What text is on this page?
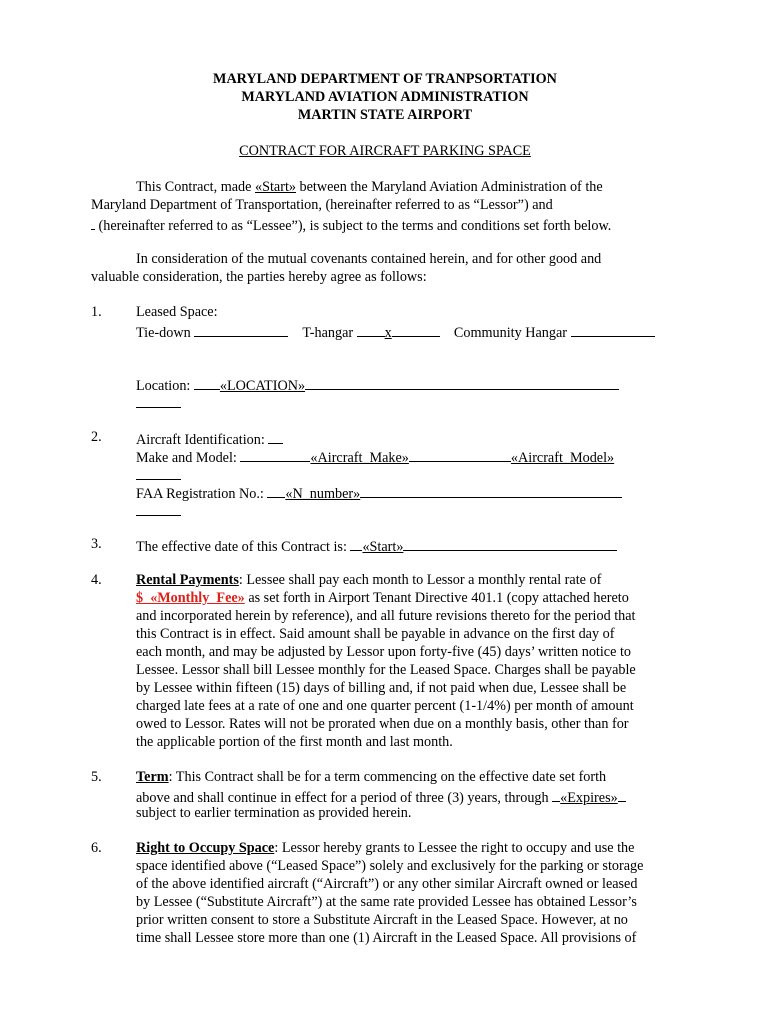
MARYLAND DEPARTMENT OF TRANPSORTATION
MARYLAND AVIATION ADMINISTRATION
MARTIN STATE AIRPORT
CONTRACT FOR AIRCRAFT PARKING SPACE
This Contract, made «Start» between the Maryland Aviation Administration of the
Maryland Department of Transportation, (hereinafter referred to as “Lessor”) and
(hereinafter referred to as “Lessee”), is subject to the terms and conditions set forth below.
In consideration of the mutual covenants contained herein, and for other good and
valuable consideration, the parties hereby agree as follows:
1. Leased Space:
Tie-down	T-hangar x	Community Hangar
Location: «LOCATION»
2. Aircraft Identification:
Make and Model:	«Aircraft_Make»	«Aircraft_Model»
FAA Registration No.: «N_number»
3. The effective date of this Contract is: «Start»
4. Rental Payments: Lessee shall pay each month to Lessor a monthly rental rate of
$_«Monthly_Fee» as set forth in Airport Tenant Directive 401.1 (copy attached hereto
and incorporated herein by reference), and all future revisions thereto for the period that
this Contract is in effect. Said amount shall be payable in advance on the first day of
each month, and may be adjusted by Lessor upon forty-five (45) days’ written notice to
Lessee. Lessor shall bill Lessee monthly for the Leased Space. Charges shall be payable
by Lessee within fifteen (15) days of billing and, if not paid when due, Lessee shall be
charged late fees at a rate of one and one quarter percent (1-1/4%) per month of amount
owed to Lessor. Rates will not be prorated when due on a monthly basis, other than for
the applicable portion of the first month and last month.
5. Term: This Contract shall be for a term commencing on the effective date set forth
above and shall continue in effect for a period of three (3) years, through «Expires»
subject to earlier termination as provided herein.
6. Right to Occupy Space: Lessor hereby grants to Lessee the right to occupy and use the
space identified above (“Leased Space”) solely and exclusively for the parking or storage
of the above identified aircraft (“Aircraft”) or any other similar Aircraft owned or leased
by Lessee (“Substitute Aircraft”) at the same rate provided Lessee has obtained Lessor’s
prior written consent to store a Substitute Aircraft in the Leased Space. However, at no
time shall Lessee store more than one (1) Aircraft in the Leased Space. All provisions of
